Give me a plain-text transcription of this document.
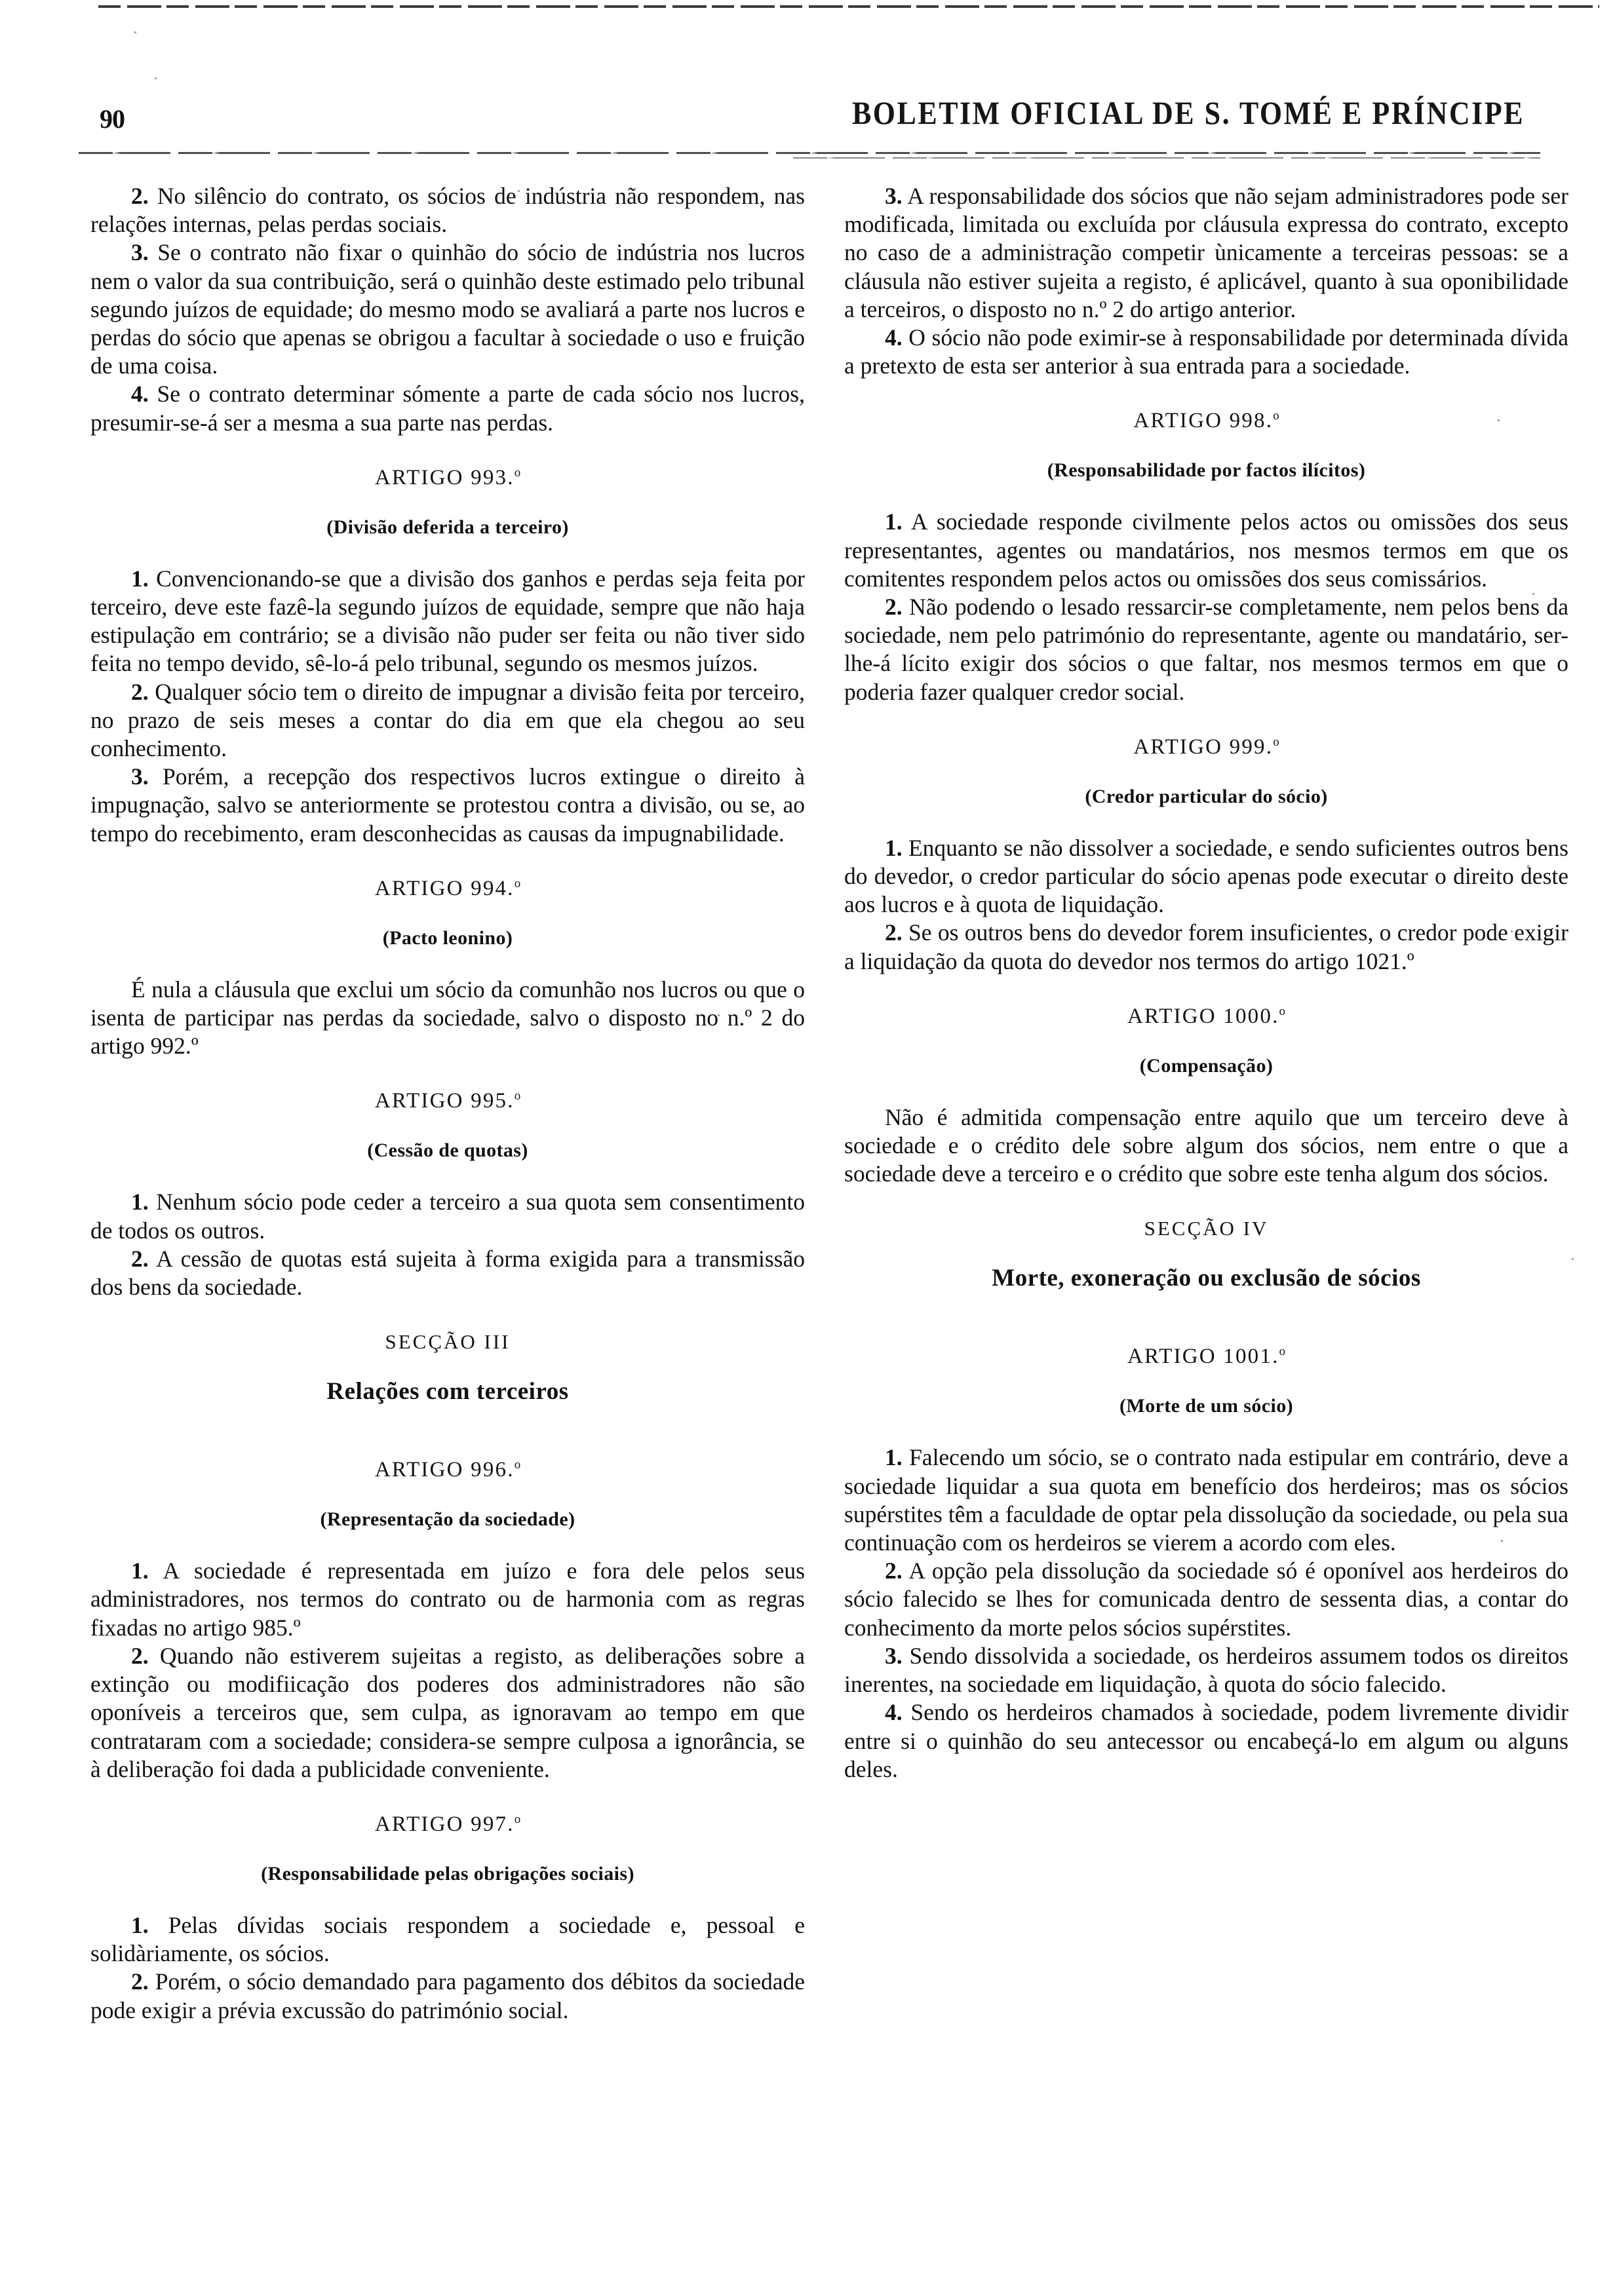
90	BOLETIM OFICIAL DE S. TOMÉ E PRÍNCIPE

2. No silêncio do contrato, os sócios de indústria não respondem, nas relações internas, pelas perdas sociais.

3. Se o contrato não fixar o quinhão do sócio de indústria nos lucros nem o valor da sua contribuição, será o quinhão deste estimado pelo tribunal segundo juízos de equidade; do mesmo modo se avaliará a parte nos lucros e perdas do sócio que apenas se obrigou a facultar à sociedade o uso e fruição de uma coisa.

4. Se o contrato determinar sómente a parte de cada sócio nos lucros, presumir-se-á ser a mesma a sua parte nas perdas.

ARTIGO 993.$^o$
(Divisão deferida a terceiro)

1. Convencionando-se que a divisão dos ganhos e perdas seja feita por terceiro, deve este fazê-la segundo juízos de equidade, sempre que não haja estipulação em contrário; se a divisão não puder ser feita ou não tiver sido feita no tempo devido, sê-lo-á pelo tribunal, segundo os mesmos juízos.

2. Qualquer sócio tem o direito de impugnar a divisão feita por terceiro, no prazo de seis meses a contar do dia em que ela chegou ao seu conhecimento.

3. Porém, a recepção dos respectivos lucros extingue o direito à impugnação, salvo se anteriormente se protestou contra a divisão, ou se, ao tempo do recebimento, eram desconhecidas as causas da impugnabilidade.

ARTIGO 994.$^o$
(Pacto leonino)

É nula a cláusula que exclui um sócio da comunhão nos lucros ou que o isenta de participar nas perdas da sociedade, salvo o disposto no n.º 2 do artigo 992.º

ARTIGO 995.$^o$
(Cessão de quotas)

1. Nenhum sócio pode ceder a terceiro a sua quota sem consentimento de todos os outros.

2. A cessão de quotas está sujeita à forma exigida para a transmissão dos bens da sociedade.

SECÇÃO III
Relações com terceiros
ARTIGO 996.$^o$
(Representação da sociedade)

1. A sociedade é representada em juízo e fora dele pelos seus administradores, nos termos do contrato ou de harmonia com as regras fixadas no artigo 985.º

2. Quando não estiverem sujeitas a registo, as deliberações sobre a extinção ou modifiicação dos poderes dos administradores não são oponíveis a terceiros que, sem culpa, as ignoravam ao tempo em que contrataram com a sociedade; considera-se sempre culposa a ignorância, se à deliberação foi dada a publicidade conveniente.

ARTIGO 997.$^o$
(Responsabilidade pelas obrigações sociais)

1. Pelas dívidas sociais respondem a sociedade e, pessoal e solidàriamente, os sócios.

2. Porém, o sócio demandado para pagamento dos débitos da sociedade pode exigir a prévia excussão do património social.

3. A responsabilidade dos sócios que não sejam administradores pode ser modificada, limitada ou excluída por cláusula expressa do contrato, excepto no caso de a administração competir ùnicamente a terceiras pessoas: se a cláusula não estiver sujeita a registo, é aplicável, quanto à sua oponibilidade a terceiros, o disposto no n.º 2 do artigo anterior.

4. O sócio não pode eximir-se à responsabilidade por determinada dívida a pretexto de esta ser anterior à sua entrada para a sociedade.

ARTIGO 998.$^o$
(Responsabilidade por factos ilícitos)

1. A sociedade responde civilmente pelos actos ou omissões dos seus representantes, agentes ou mandatários, nos mesmos termos em que os comitentes respondem pelos actos ou omissões dos seus comissários.

2. Não podendo o lesado ressarcir-se completamente, nem pelos bens da sociedade, nem pelo património do representante, agente ou mandatário, ser-lhe-á lícito exigir dos sócios o que faltar, nos mesmos termos em que o poderia fazer qualquer credor social.

ARTIGO 999.$^o$
(Credor particular do sócio)

1. Enquanto se não dissolver a sociedade, e sendo suficientes outros bens do devedor, o credor particular do sócio apenas pode executar o direito deste aos lucros e à quota de liquidação.

2. Se os outros bens do devedor forem insuficientes, o credor pode exigir a liquidação da quota do devedor nos termos do artigo 1021.º

ARTIGO 1000.$^o$
(Compensação)

Não é admitida compensação entre aquilo que um terceiro deve à sociedade e o crédito dele sobre algum dos sócios, nem entre o que a sociedade deve a terceiro e o crédito que sobre este tenha algum dos sócios.

SECÇÃO IV
Morte, exoneração ou exclusão de sócios
ARTIGO 1001.$^o$
(Morte de um sócio)

1. Falecendo um sócio, se o contrato nada estipular em contrário, deve a sociedade liquidar a sua quota em benefício dos herdeiros; mas os sócios supérstites têm a faculdade de optar pela dissolução da sociedade, ou pela sua continuação com os herdeiros se vierem a acordo com eles.

2. A opção pela dissolução da sociedade só é oponível aos herdeiros do sócio falecido se lhes for comunicada dentro de sessenta dias, a contar do conhecimento da morte pelos sócios supérstites.

3. Sendo dissolvida a sociedade, os herdeiros assumem todos os direitos inerentes, na sociedade em liquidação, à quota do sócio falecido.

4. Sendo os herdeiros chamados à sociedade, podem livremente dividir entre si o quinhão do seu antecessor ou encabeçá-lo em algum ou alguns deles.
